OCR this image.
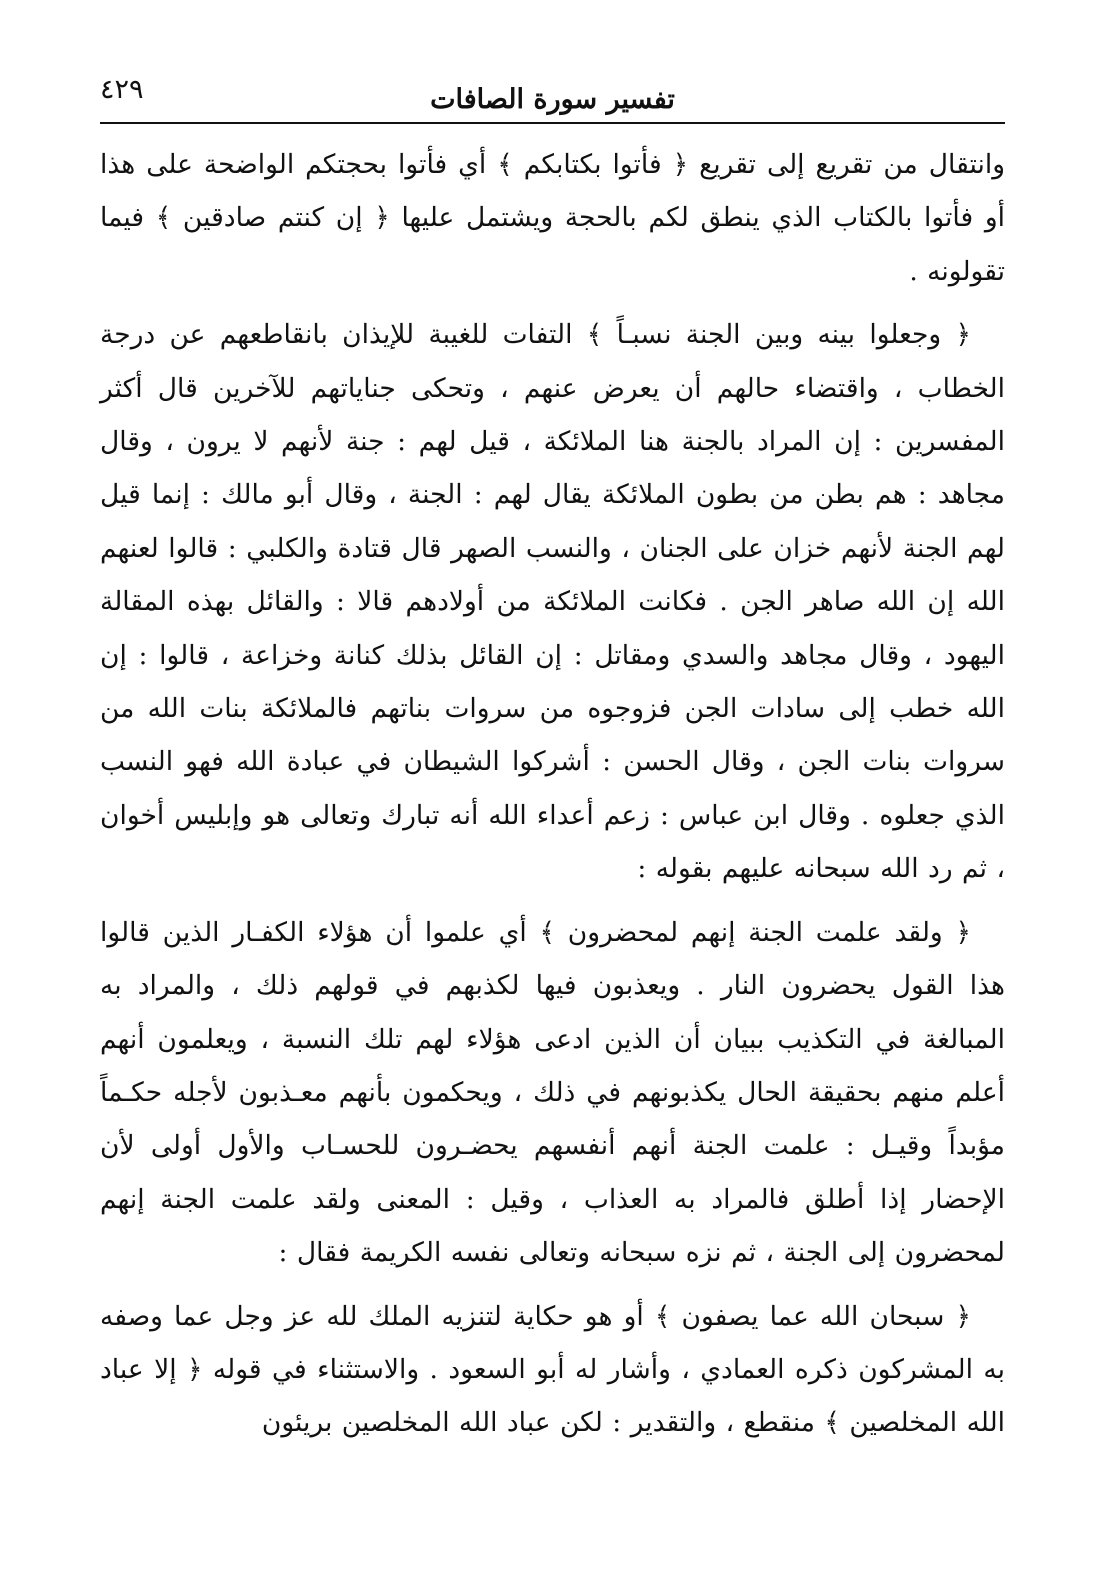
تفسير سورة الصافات
٤٢٩

وانتقال من تقريع إلى تقريع ﴿ فأتوا بكتابكم ﴾ أي فأتوا بحجتكم الواضحة على هذا أو فأتوا بالكتاب الذي ينطق لكم بالحجة ويشتمل عليها ﴿ إن كنتم صادقين ﴾ فيما تقولونه .

﴿ وجعلوا بينه وبين الجنة نسبـاً ﴾ التفات للغيبة للإيذان بانقاطعهم عن درجة الخطاب ، واقتضاء حالهم أن يعرض عنهم ، وتحكى جناياتهم للآخرين قال أكثر المفسرين : إن المراد بالجنة هنا الملائكة ، قيل لهم : جنة لأنهم لا يرون ، وقال مجاهد : هم بطن من بطون الملائكة يقال لهم : الجنة ، وقال أبو مالك : إنما قيل لهم الجنة لأنهم خزان على الجنان ، والنسب الصهر قال قتادة والكلبي : قالوا لعنهم الله إن الله صاهر الجن . فكانت الملائكة من أولادهم قالا : والقائل بهذه المقالة اليهود ، وقال مجاهد والسدي ومقاتل : إن القائل بذلك كنانة وخزاعة ، قالوا : إن الله خطب إلى سادات الجن فزوجوه من سروات بناتهم فالملائكة بنات الله من سروات بنات الجن ، وقال الحسن : أشركوا الشيطان في عبادة الله فهو النسب الذي جعلوه . وقال ابن عباس : زعم أعداء الله أنه تبارك وتعالى هو وإبليس أخوان ، ثم رد الله سبحانه عليهم بقوله :

﴿ ولقد علمت الجنة إنهم لمحضرون ﴾ أي علموا أن هؤلاء الكفـار الذين قالوا هذا القول يحضرون النار . ويعذبون فيها لكذبهم في قولهم ذلك ، والمراد به المبالغة في التكذيب ببيان أن الذين ادعى هؤلاء لهم تلك النسبة ، ويعلمون أنهم أعلم منهم بحقيقة الحال يكذبونهم في ذلك ، ويحكمون بأنهم معـذبون لأجله حكـماً مؤبداً وقيـل : علمت الجنة أنهم أنفسهم يحضـرون للحسـاب والأول أولى لأن الإحضار إذا أطلق فالمراد به العذاب ، وقيل : المعنى ولقد علمت الجنة إنهم لمحضرون إلى الجنة ، ثم نزه سبحانه وتعالى نفسه الكريمة فقال :

﴿ سبحان الله عما يصفون ﴾ أو هو حكاية لتنزيه الملك لله عز وجل عما وصفه به المشركون ذكره العمادي ، وأشار له أبو السعود . والاستثناء في قوله ﴿ إلا عباد الله المخلصين ﴾ منقطع ، والتقدير : لكن عباد الله المخلصين بريئون
